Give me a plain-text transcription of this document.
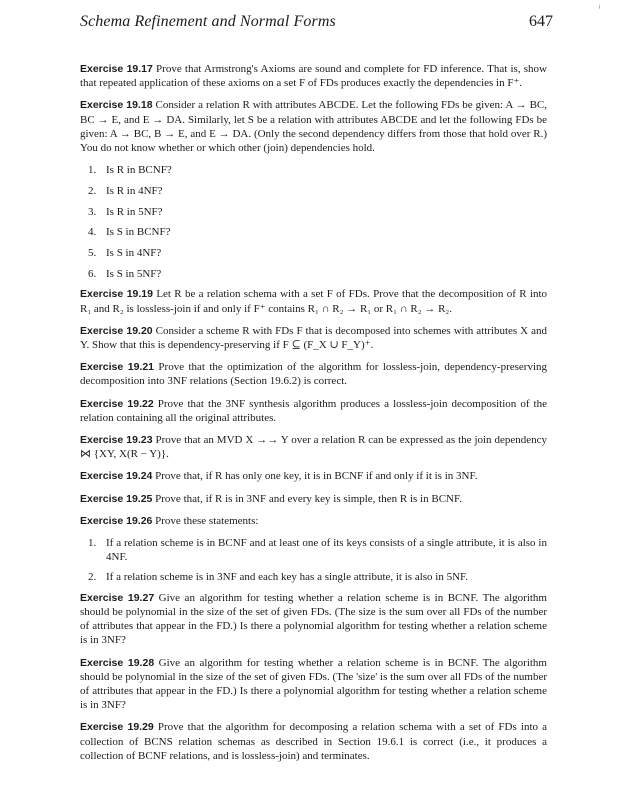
Schema Refinement and Normal Forms	647
ꜟ

Exercise 19.17 Prove that Armstrong's Axioms are sound and complete for FD inference. That is, show that repeated application of these axioms on a set F of FDs produces exactly the dependencies in F⁺.

Exercise 19.18 Consider a relation R with attributes ABCDE. Let the following FDs be given: A → BC, BC → E, and E → DA. Similarly, let S be a relation with attributes ABCDE and let the following FDs be given: A → BC, B → E, and E → DA. (Only the second dependency differs from those that hold over R.) You do not know whether or which other (join) dependencies hold.

1. Is R in BCNF?
2. Is R in 4NF?
3. Is R in 5NF?
4. Is S in BCNF?
5. Is S in 4NF?
6. Is S in 5NF?

Exercise 19.19 Let R be a relation schema with a set F of FDs. Prove that the decomposition of R into R₁ and R₂ is lossless-join if and only if F⁺ contains R₁ ∩ R₂ → R₁ or R₁ ∩ R₂ → R₂.

Exercise 19.20 Consider a scheme R with FDs F that is decomposed into schemes with attributes X and Y. Show that this is dependency-preserving if F ⊆ (F_X ∪ F_Y)⁺.

Exercise 19.21 Prove that the optimization of the algorithm for lossless-join, dependency-preserving decomposition into 3NF relations (Section 19.6.2) is correct.

Exercise 19.22 Prove that the 3NF synthesis algorithm produces a lossless-join decomposition of the relation containing all the original attributes.

Exercise 19.23 Prove that an MVD X →→ Y over a relation R can be expressed as the join dependency ⋈ {XY, X(R − Y)}.

Exercise 19.24 Prove that, if R has only one key, it is in BCNF if and only if it is in 3NF.

Exercise 19.25 Prove that, if R is in 3NF and every key is simple, then R is in BCNF.

Exercise 19.26 Prove these statements:

1. If a relation scheme is in BCNF and at least one of its keys consists of a single attribute, it is also in 4NF.
2. If a relation scheme is in 3NF and each key has a single attribute, it is also in 5NF.

Exercise 19.27 Give an algorithm for testing whether a relation scheme is in BCNF. The algorithm should be polynomial in the size of the set of given FDs. (The size is the sum over all FDs of the number of attributes that appear in the FD.) Is there a polynomial algorithm for testing whether a relation scheme is in 3NF?

Exercise 19.28 Give an algorithm for testing whether a relation scheme is in BCNF. The algorithm should be polynomial in the size of the set of given FDs. (The 'size' is the sum over all FDs of the number of attributes that appear in the FD.) Is there a polynomial algorithm for testing whether a relation scheme is in 3NF?

Exercise 19.29 Prove that the algorithm for decomposing a relation schema with a set of FDs into a collection of BCNS relation schemas as described in Section 19.6.1 is correct (i.e., it produces a collection of BCNF relations, and is lossless-join) and terminates.
